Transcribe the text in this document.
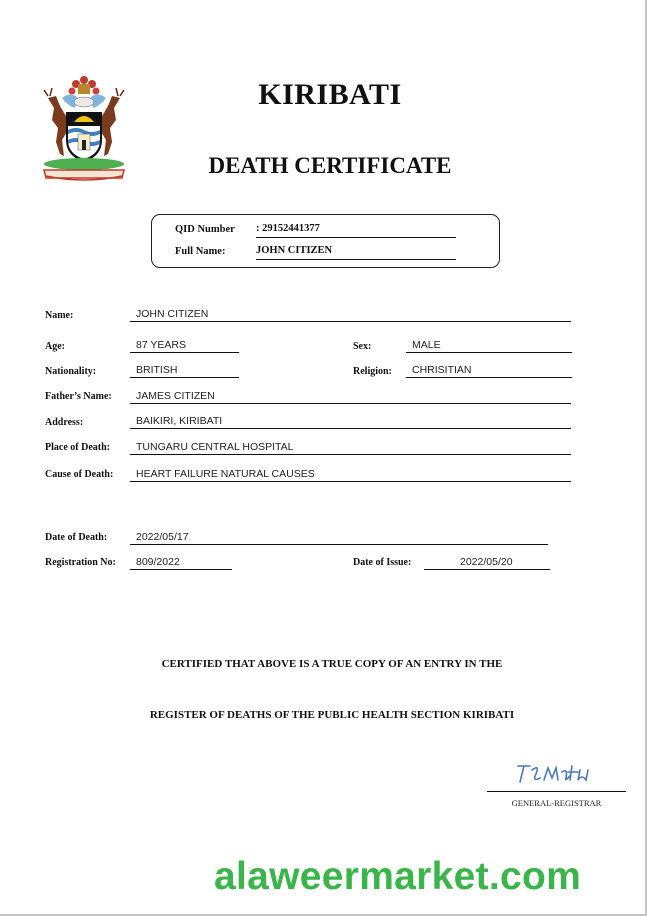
KIRIBATI
DEATH CERTIFICATE
QID Number : 29152441377
Full Name:	JOHN CITIZEN
Name:	JOHN CITIZEN
Age:	87 YEARS	Sex:	MALE
Nationality:	BRITISH	Religion:	CHRISITIAN
Father’s Name:	JAMES CITIZEN
Address:	BAIKIRI, KIRIBATI
Place of Death:	TUNGARU CENTRAL HOSPITAL
Cause of Death:	HEART FAILURE NATURAL CAUSES
Date of Death:	2022/05/17
Registration No:	809/2022	Date of Issue:	2022/05/20
CERTIFIED THAT ABOVE IS A TRUE COPY OF AN ENTRY IN THE
REGISTER OF DEATHS OF THE PUBLIC HEALTH SECTION KIRIBATI
GENERAL-REGISTRAR
alaweermarket.com
